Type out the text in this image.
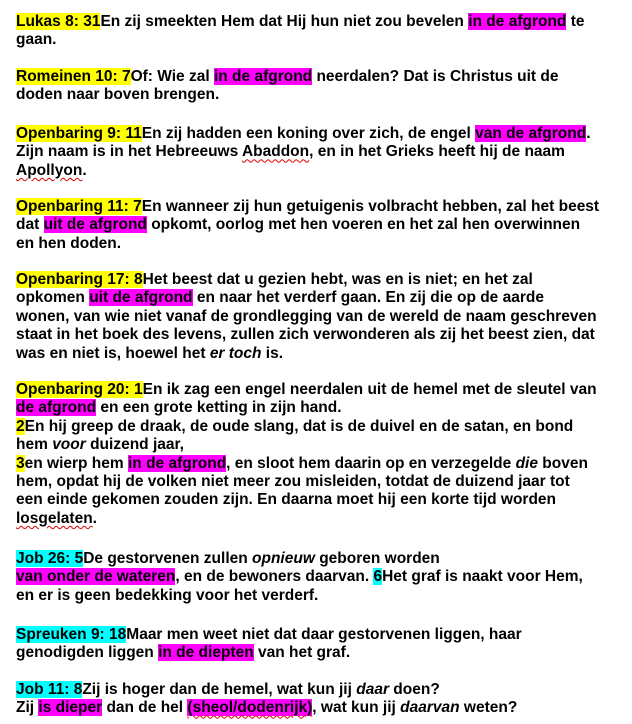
Lukas 8: 31En zij smeekten Hem dat Hij hun niet zou bevelen in de afgrond te
gaan.
Romeinen 10: 7Of: Wie zal in de afgrond neerdalen? Dat is Christus uit de
doden naar boven brengen.
Openbaring 9: 11En zij hadden een koning over zich, de engel van de afgrond.
Zijn naam is in het Hebreeuws Abaddon, en in het Grieks heeft hij de naam
Apollyon.
Openbaring 11: 7En wanneer zij hun getuigenis volbracht hebben, zal het beest
dat uit de afgrond opkomt, oorlog met hen voeren en het zal hen overwinnen
en hen doden.
Openbaring 17: 8Het beest dat u gezien hebt, was en is niet; en het zal
opkomen uit de afgrond en naar het verderf gaan. En zij die op de aarde
wonen, van wie niet vanaf de grondlegging van de wereld de naam geschreven
staat in het boek des levens, zullen zich verwonderen als zij het beest zien, dat
was en niet is, hoewel het er toch is.
Openbaring 20: 1En ik zag een engel neerdalen uit de hemel met de sleutel van
de afgrond en een grote ketting in zijn hand.
2En hij greep de draak, de oude slang, dat is de duivel en de satan, en bond
hem voor duizend jaar,
3en wierp hem in de afgrond, en sloot hem daarin op en verzegelde die boven
hem, opdat hij de volken niet meer zou misleiden, totdat de duizend jaar tot
een einde gekomen zouden zijn. En daarna moet hij een korte tijd worden
losgelaten.
Job 26: 5De gestorvenen zullen opnieuw geboren worden
van onder de wateren, en de bewoners daarvan. 6Het graf is naakt voor Hem,
en er is geen bedekking voor het verderf.
Spreuken 9: 18Maar men weet niet dat daar gestorvenen liggen, haar
genodigden liggen in de diepten van het graf.
Job 11: 8Zij is hoger dan de hemel, wat kun jij daar doen?
Zij is dieper dan de hel (sheol/dodenrijk), wat kun jij daarvan weten?
